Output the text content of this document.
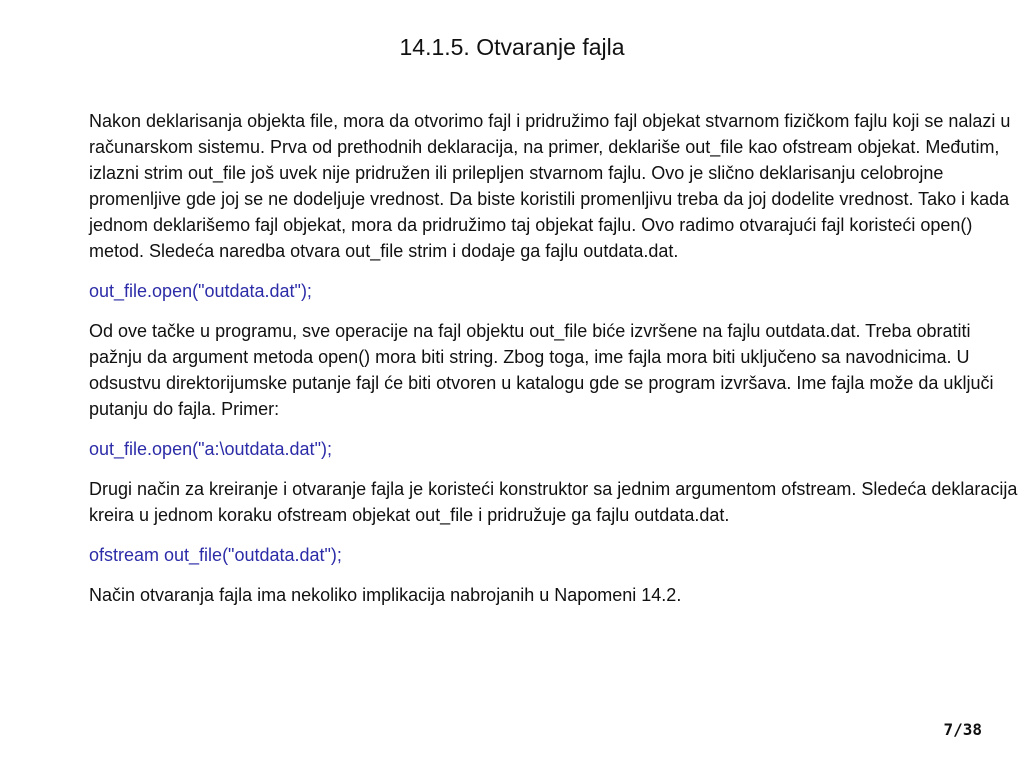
14.1.5. Otvaranje fajla

Nakon deklarisanja objekta file, mora da otvorimo fajl i pridružimo fajl objekat stvarnom fizičkom fajlu koji se nalazi u računarskom sistemu. Prva od prethodnih deklaracija, na primer, deklariše out_file kao ofstream objekat. Međutim, izlazni strim out_file još uvek nije pridružen ili prilepljen stvarnom fajlu. Ovo je slično deklarisanju celobrojne promenljive gde joj se ne dodeljuje vrednost. Da biste koristili promenljivu treba da joj dodelite vrednost. Tako i kada jednom deklarišemo fajl objekat, mora da pridružimo taj objekat fajlu. Ovo radimo otvarajući fajl koristeći open() metod. Sledeća naredba otvara out_file strim i dodaje ga fajlu outdata.dat.

out_file.open("outdata.dat");

Od ove tačke u programu, sve operacije na fajl objektu out_file biće izvršene na fajlu outdata.dat. Treba obratiti pažnju da argument metoda open() mora biti string. Zbog toga, ime fajla mora biti uključeno sa navodnicima. U odsustvu direktorijumske putanje fajl će biti otvoren u katalogu gde se program izvršava. Ime fajla može da uključi putanju do fajla. Primer:

out_file.open("a:\outdata.dat");

Drugi način za kreiranje i otvaranje fajla je koristeći konstruktor sa jednim argumentom ofstream. Sledeća deklaracija kreira u jednom koraku ofstream objekat out_file i pridružuje ga fajlu outdata.dat.

ofstream out_file("outdata.dat");

Način otvaranja fajla ima nekoliko implikacija nabrojanih u Napomeni 14.2.

7/38
